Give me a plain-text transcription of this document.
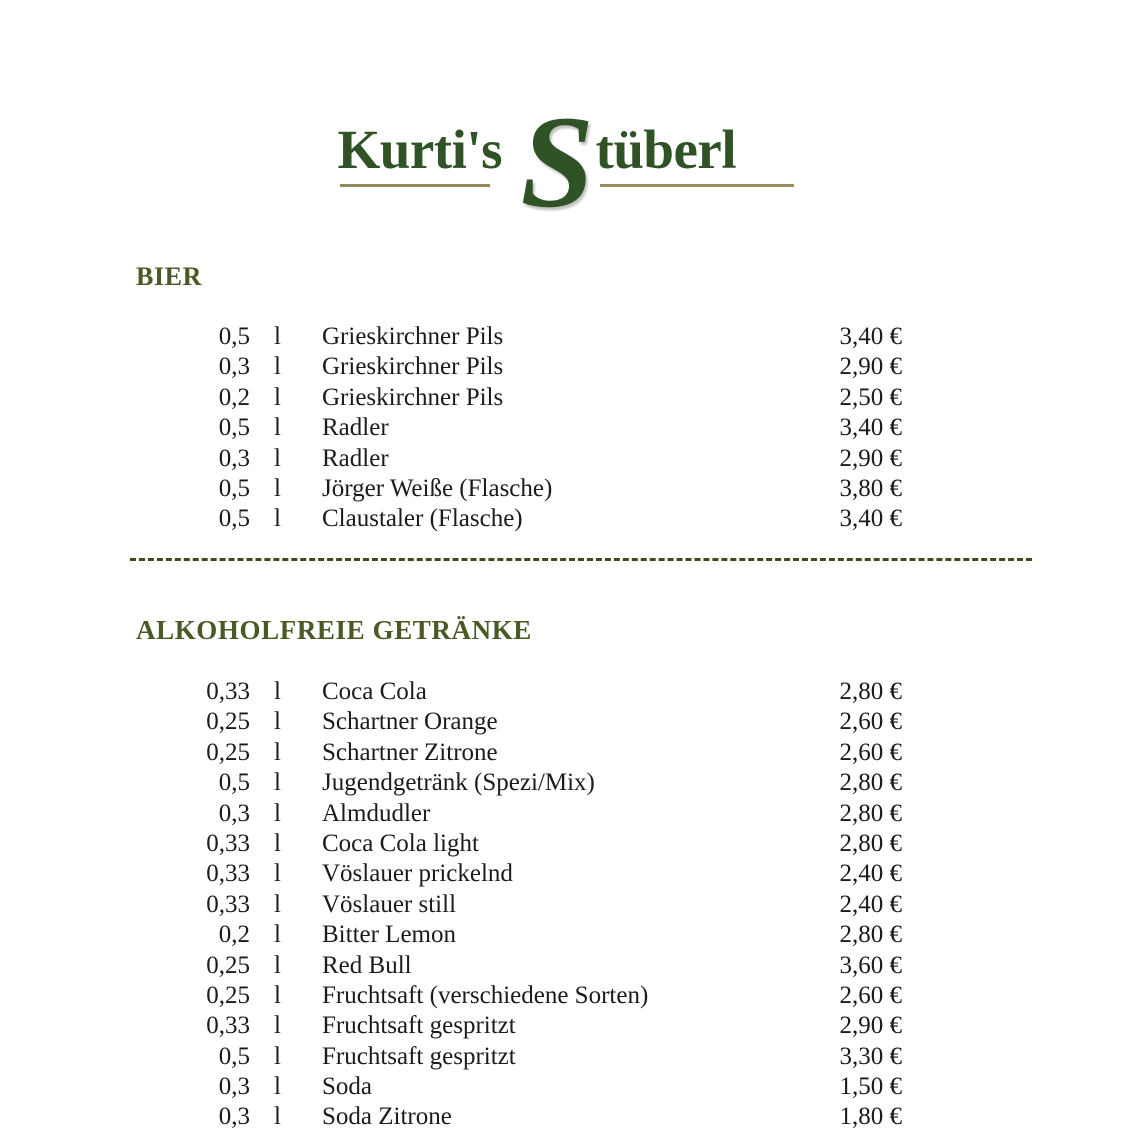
Kurti's S tüberl
BIER
0,5 l	Grieskirchner Pils	3,40 €
0,3 l	Grieskirchner Pils	2,90 €
0,2 l	Grieskirchner Pils	2,50 €
0,5 l	Radler	3,40 €
0,3 l	Radler	2,90 €
0,5 l	Jörger Weiße (Flasche)	3,80 €
0,5 l	Claustaler (Flasche)	3,40 €
ALKOHOLFREIE GETRÄNKE
0,33 l	Coca Cola	2,80 €
0,25 l	Schartner Orange	2,60 €
0,25 l	Schartner Zitrone	2,60 €
0,5 l	Jugendgetränk (Spezi/Mix)	2,80 €
0,3 l	Almdudler	2,80 €
0,33 l	Coca Cola light	2,80 €
0,33 l	Vöslauer prickelnd	2,40 €
0,33 l	Vöslauer still	2,40 €
0,2 l	Bitter Lemon	2,80 €
0,25 l	Red Bull	3,60 €
0,25 l	Fruchtsaft (verschiedene Sorten)	2,60 €
0,33 l	Fruchtsaft gespritzt	2,90 €
0,5 l	Fruchtsaft gespritzt	3,30 €
0,3 l	Soda	1,50 €
0,3 l	Soda Zitrone	1,80 €
